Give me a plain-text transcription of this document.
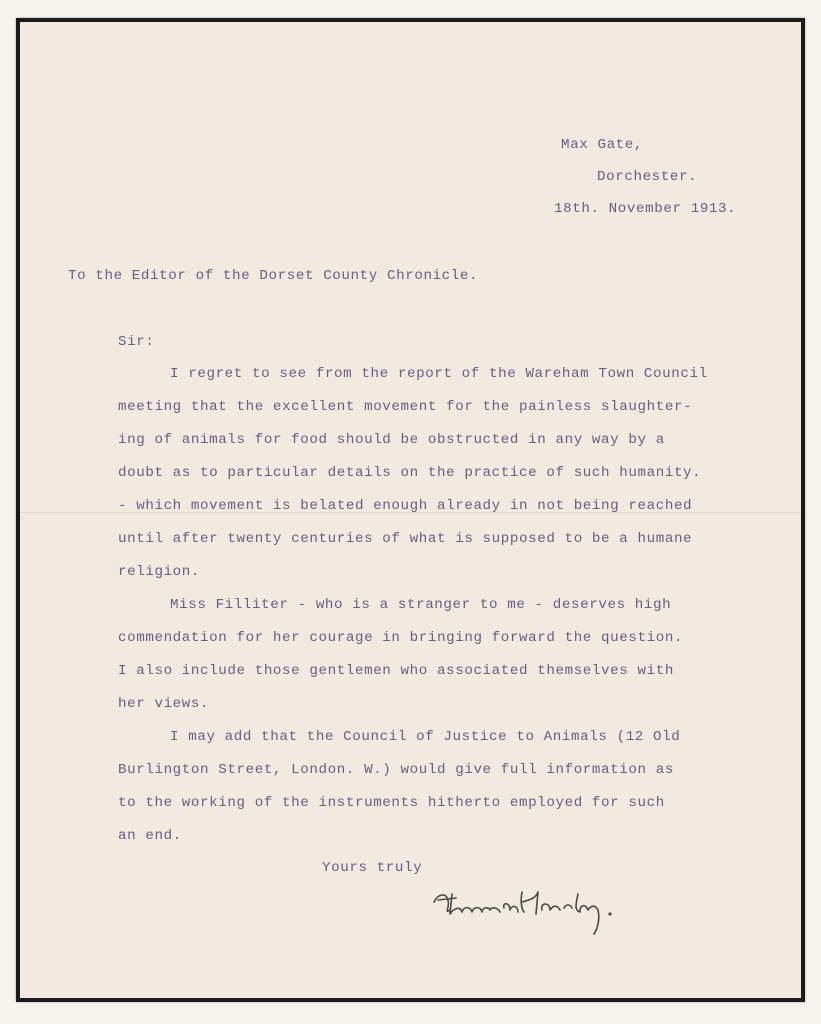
Max Gate,
Dorchester.
18th. November 1913.
To the Editor of the Dorset County Chronicle.
Sir:
I regret to see from the report of the Wareham Town Council
meeting that the excellent movement for the painless slaughter-
ing of animals for food should be obstructed in any way by a
doubt as to particular details on the practice of such humanity.
- which movement is belated enough already in not being reached
until after twenty centuries of what is supposed to be a humane
religion.
Miss Filliter - who is a stranger to me - deserves high
commendation for her courage in bringing forward the question.
I also include those gentlemen who associated themselves with
her views.
I may add that the Council of Justice to Animals (12 Old
Burlington Street, London. W.) would give full information as
to the working of the instruments hitherto employed for such
an end.
Yours truly
